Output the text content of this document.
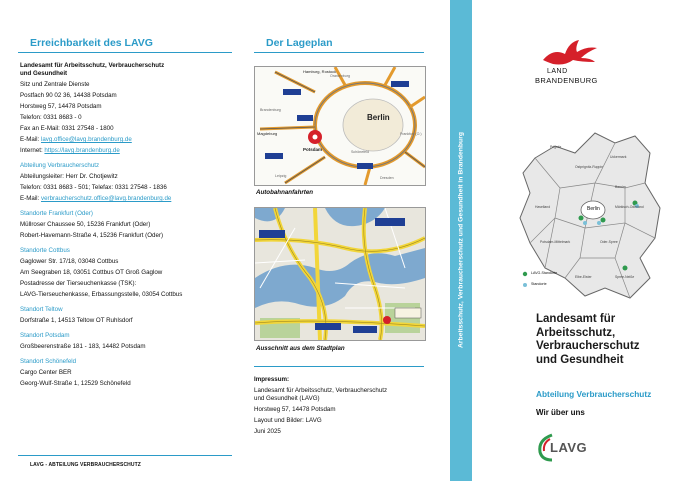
Erreichbarkeit des LAVG
Landesamt für Arbeitsschutz, Verbraucherschutz
und Gesundheit
Sitz und Zentrale Dienste
Postfach 90 02 36, 14438 Potsdam
Horstweg 57, 14478 Potsdam
Telefon: 0331 8683 - 0
Fax an E-Mail: 0331 27548 - 1800
E-Mail: lavg.office@lavg.brandenburg.de
Internet: https://lavg.brandenburg.de
Abteilung Verbraucherschutz
Abteilungsleiter: Herr Dr. Chotjewitz
Telefon: 0331 8683 - 501; Telefax: 0331 27548 - 1836
E-Mail: verbraucherschutz.office@lavg.brandenburg.de
Standorte Frankfurt (Oder)
Müllroser Chaussee 50, 15236 Frankfurt (Oder)
Robert-Havemann-Straße 4, 15236 Frankfurt (Oder)
Standorte Cottbus
Gaglower Str. 17/18, 03048 Cottbus
Am Seegraben 18, 03051 Cottbus OT Groß Gaglow
Postadresse der Tierseuchenkasse (TSK):
LAVG-Tierseuchenkasse, Erbassungsstelle, 03054 Cottbus
Standort Teltow
Dorfstraße 1, 14513 Teltow OT Ruhlsdorf
Standort Potsdam
Großbeerenstraße 181 - 183, 14482 Potsdam
Standort Schönefeld
Cargo Center BER
Georg-Wulf-Straße 1, 12529 Schönefeld
LAVG - ABTEILUNG VERBRAUCHERSCHUTZ
Der Lageplan
Oranienburg
Brandenburg
Leipzig	Dresden
Frankfurt (O.)
Schönefeld
Berlin
Hamburg, Rostock
Magdeburg
Potsdam
Autobahnanfahrten
Ausschnitt aus dem Stadtplan
Impressum:
Landesamt für Arbeitsschutz, Verbraucherschutz
und Gesundheit (LAVG)
Horstweg 57, 14478 Potsdam
Layout und Bilder: LAVG
Juni 2025
Arbeitsschutz, Verbraucherschutz und Gesundheit in Brandenburg
LAND
BRANDENBURG
Prignitz
Ostprignitz-Ruppin
Uckermark
Barnim
Märkisch-Oderland
Havelland
Potsdam-Mittelmark	Oder-Spree
Elbe-Elster	Spree-Neiße
Berlin
LAVG-Standorte
Standorte
Landesamt für
Arbeitsschutz,
Verbraucherschutz
und Gesundheit
Abteilung Verbraucherschutz
Wir über uns
LAVG
